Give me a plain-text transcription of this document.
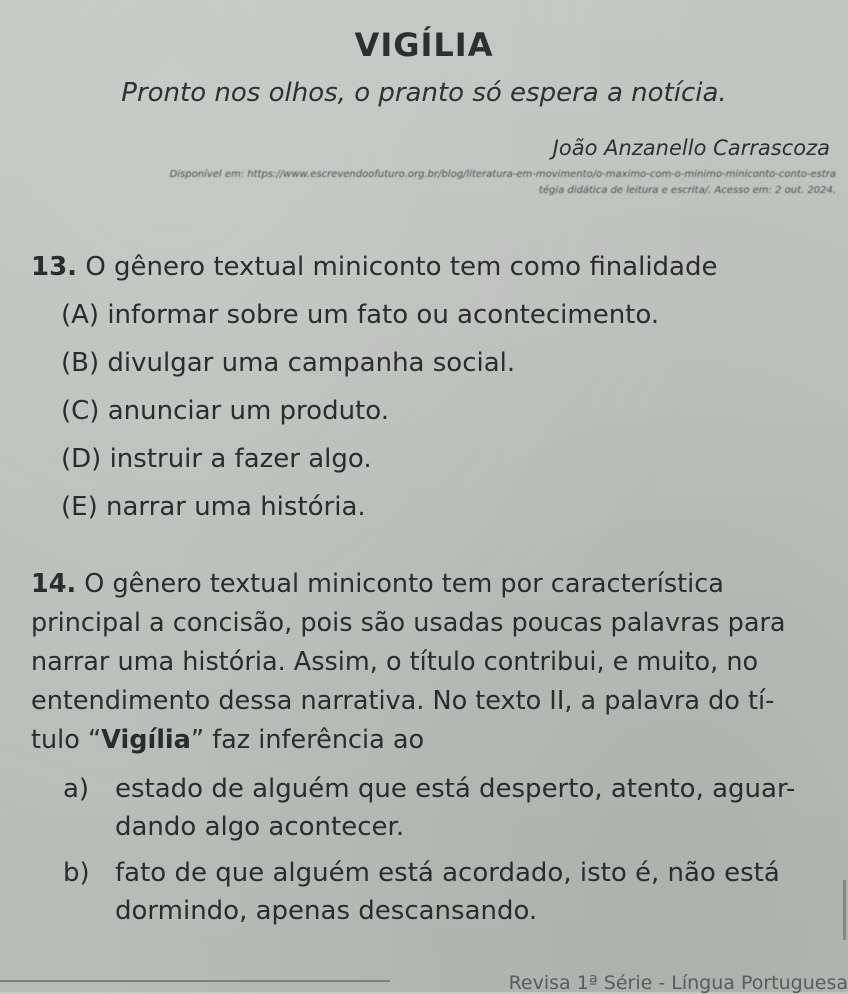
VIGÍLIA
Pronto nos olhos, o pranto só espera a notícia.
João Anzanello Carrascoza
Disponível em: https://www.escrevendoofuturo.org.br/blog/literatura-em-movimento/o-maximo-com-o-minimo-miniconto-conto-estra
tégia didática de leitura e escrita/. Acesso em: 2 out. 2024.
13. O gênero textual miniconto tem como finalidade
(A) informar sobre um fato ou acontecimento.
(B) divulgar uma campanha social.
(C) anunciar um produto.
(D) instruir a fazer algo.
(E) narrar uma história.
14. O gênero textual miniconto tem por característica
principal a concisão, pois são usadas poucas palavras para
narrar uma história. Assim, o título contribui, e muito, no
entendimento dessa narrativa. No texto II, a palavra do tí-
tulo “Vigília” faz inferência ao
a) estado de alguém que está desperto, atento, aguar-
dando algo acontecer.
b) fato de que alguém está acordado, isto é, não está
dormindo, apenas descansando.
Revisa 1ª Série - Língua Portuguesa
